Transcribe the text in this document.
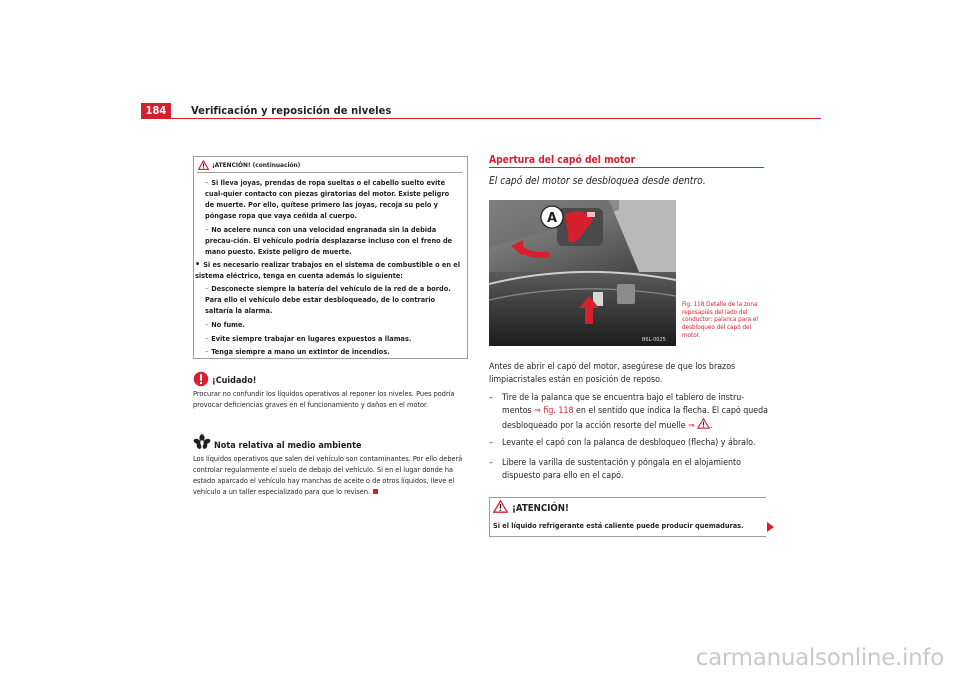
184	Verificación y reposición de niveles
¡ATENCIÓN! (continuación)
– Si lleva joyas, prendas de ropa sueltas o el cabello suelto evite cual-quier contacto con piezas giratorias del motor. Existe peligro de muerte. Por ello, quítese primero las joyas, recoja su pelo y póngase ropa que vaya ceñida al cuerpo.
– No acelere nunca con una velocidad engranada sin la debida precau-ción. El vehículo podría desplazarse incluso con el freno de mano puesto. Existe peligro de muerte.
• Si es necesario realizar trabajos en el sistema de combustible o en el sistema eléctrico, tenga en cuenta además lo siguiente:
– Desconecte siempre la batería del vehículo de la red de a bordo. Para ello el vehículo debe estar desbloqueado, de lo contrario saltaría la alarma.
– No fume.
– Evite siempre trabajar en lugares expuestos a llamas.
– Tenga siempre a mano un extintor de incendios.
¡Cuidado!
Procurar no confundir los líquidos operativos al reponer los niveles. Pues podría provocar deficiencias graves en el funcionamiento y daños en el motor.
Nota relativa al medio ambiente
Los líquidos operativos que salen del vehículo son contaminantes. Por ello deberá controlar regularmente el suelo de debajo del vehículo. Si en el lugar donde ha estado aparcado el vehículo hay manchas de aceite o de otros líquidos, lleve el vehículo a un taller especializado para que lo revisen.
Apertura del capó del motor
El capó del motor se desbloquea desde dentro.
A
B6L-0025
Fig. 118 Detalle de la zona reposapiés del lado del conductor: palanca para el desbloqueo del capó del motor.
Antes de abrir el capó del motor, asegúrese de que los brazos limpiacristales están en posición de reposo.
–	Tire de la palanca que se encuentra bajo el tablero de instru-mentos ⇒ fig. 118 en el sentido que indica la flecha. El capó queda desbloqueado por la acción resorte del muelle ⇒ .
–	Levante el capó con la palanca de desbloqueo (flecha) y ábralo.
–	Libere la varilla de sustentación y póngala en el alojamiento dispuesto para ello en el capó.
¡ATENCIÓN!
Si el líquido refrigerante está caliente puede producir quemaduras.
carmanualsonline.info
